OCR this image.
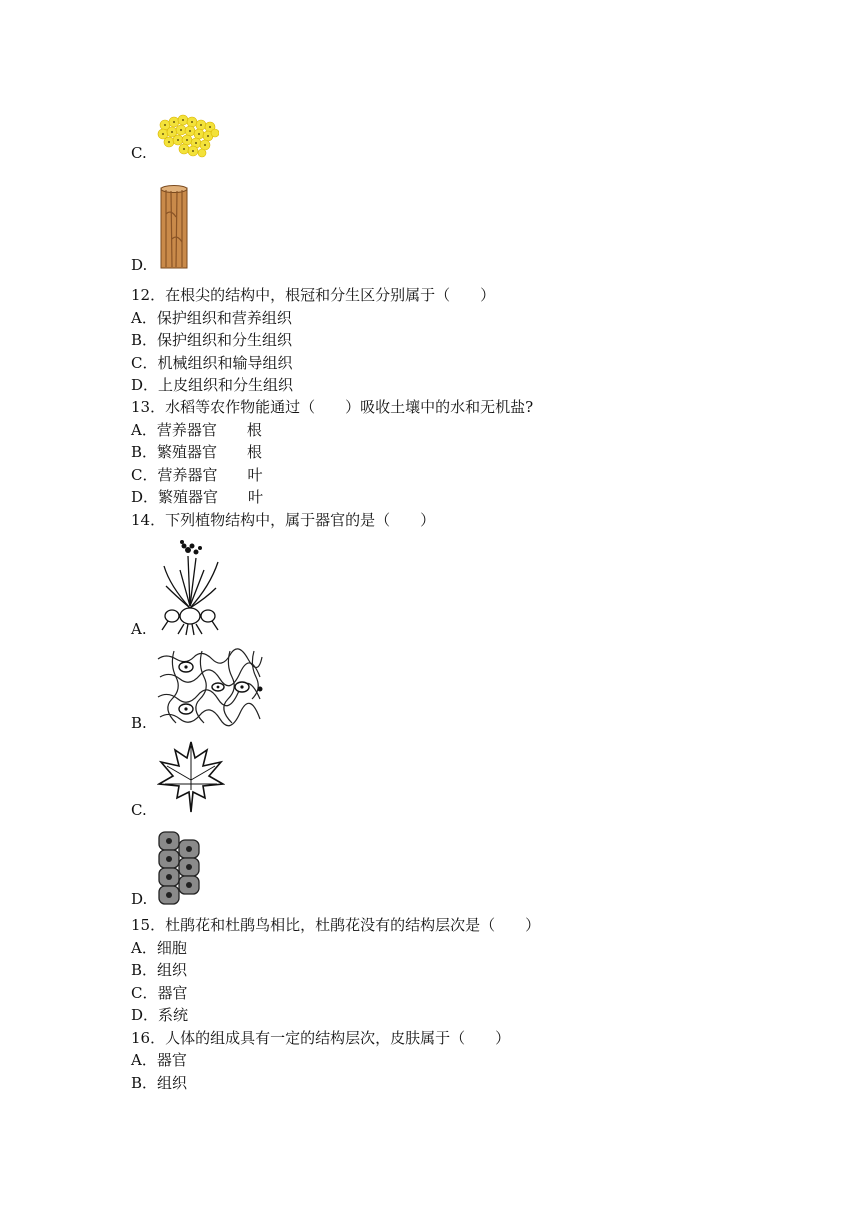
C.
D.
12．在根尖的结构中，根冠和分生区分别属于（　　）
A．保护组织和营养组织
B．保护组织和分生组织
C．机械组织和输导组织
D．上皮组织和分生组织
13．水稻等农作物能通过（　　）吸收土壤中的水和无机盐?
A．营养器官　　根
B．繁殖器官　　根
C．营养器官　　叶
D．繁殖器官　　叶
14．下列植物结构中，属于器官的是（　　）
A.
B.
C.
D.
15．杜鹃花和杜鹃鸟相比，杜鹃花没有的结构层次是（　　）
A．细胞
B．组织
C．器官
D．系统
16．人体的组成具有一定的结构层次，皮肤属于（　　）
A．器官
B．组织
